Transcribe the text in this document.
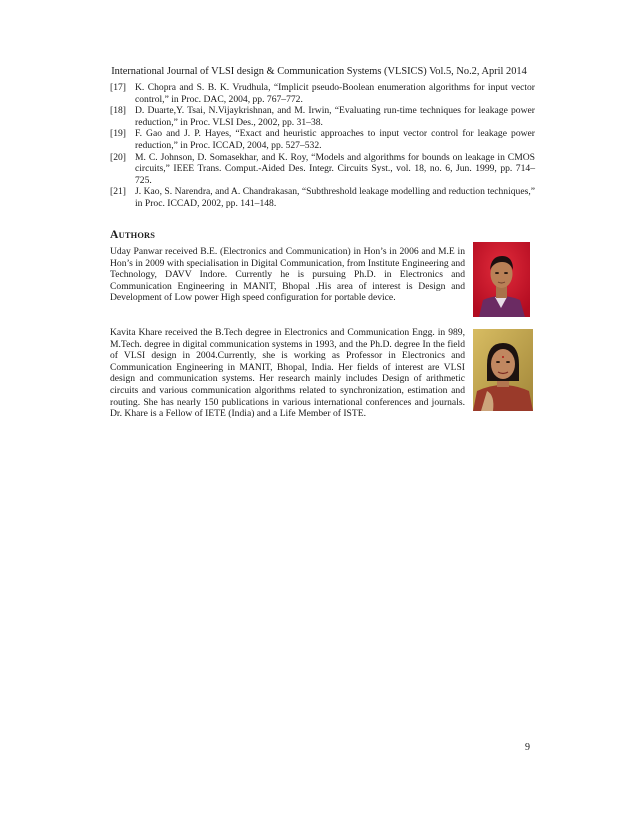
International Journal of VLSI design & Communication Systems (VLSICS) Vol.5, No.2, April 2014
[17] K. Chopra and S. B. K. Vrudhula, “Implicit pseudo-Boolean enumeration algorithms for input vector control,” in Proc. DAC, 2004, pp. 767–772.
[18] D. Duarte,Y. Tsai, N.Vijaykrishnan, and M. Irwin, “Evaluating run-time techniques for leakage power reduction,” in Proc. VLSI Des., 2002, pp. 31–38.
[19] F. Gao and J. P. Hayes, “Exact and heuristic approaches to input vector control for leakage power reduction,” in Proc. ICCAD, 2004, pp. 527–532.
[20] M. C. Johnson, D. Somasekhar, and K. Roy, “Models and algorithms for bounds on leakage in CMOS circuits,” IEEE Trans. Comput.-Aided Des. Integr. Circuits Syst., vol. 18, no. 6, Jun. 1999, pp. 714–725.
[21] J. Kao, S. Narendra, and A. Chandrakasan, “Subthreshold leakage modelling and reduction techniques,” in Proc. ICCAD, 2002, pp. 141–148.
AUTHORS
Uday Panwar received B.E. (Electronics and Communication) in Hon’s in 2006 and M.E in Hon’s in 2009 with specialisation in Digital Communication, from Institute Engineering and Technology, DAVV Indore. Currently he is pursuing Ph.D. in Electronics and Communication Engineering in MANIT, Bhopal .His area of interest is Design and Development of Low power High speed configuration for portable device.
Kavita Khare received the B.Tech degree in Electronics and Communication Engg. in 989, M.Tech. degree in digital communication systems in 1993, and the Ph.D. degree In the field of VLSI design in 2004.Currently, she is working as Professor in Electronics and Communication Engineering in MANIT, Bhopal, India. Her fields of interest are VLSI design and communication systems. Her research mainly includes Design of arithmetic circuits and various communication algorithms related to synchronization, estimation and routing. She has nearly 150 publications in various international conferences and journals. Dr. Khare is a Fellow of IETE (India) and a Life Member of ISTE.
9
